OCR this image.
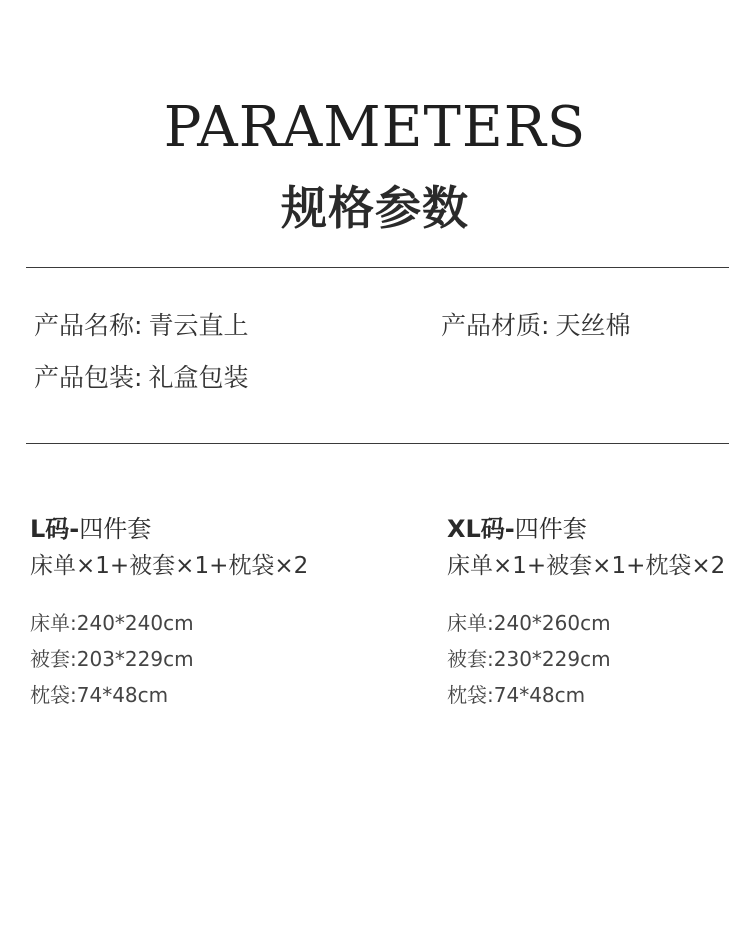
PARAMETERS
规格参数
产品名称: 青云直上	产品材质: 天丝棉
产品包装: 礼盒包装
L码-四件套
床单×1+被套×1+枕袋×2
床单:240*240cm
被套:203*229cm
枕袋:74*48cm
XL码-四件套
床单×1+被套×1+枕袋×2
床单:240*260cm
被套:230*229cm
枕袋:74*48cm
